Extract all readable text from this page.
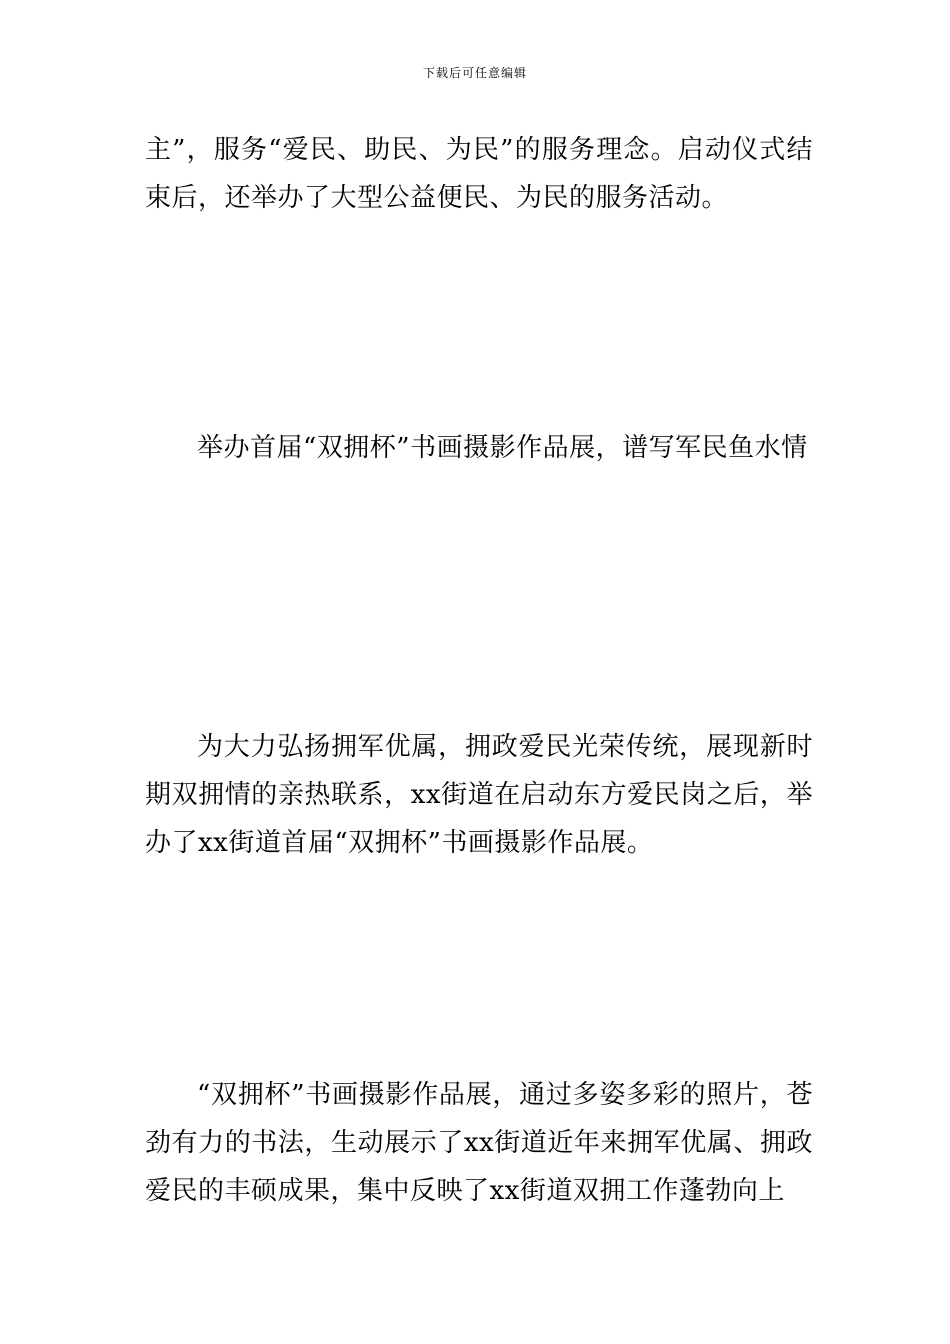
下载后可任意编辑

主”，服务“爱民、助民、为民”的服务理念。启动仪式结束后，还举办了大型公益便民、为民的服务活动。

举办首届“双拥杯”书画摄影作品展，谱写军民鱼水情

为大力弘扬拥军优属，拥政爱民光荣传统，展现新时期双拥情的亲热联系，xx街道在启动东方爱民岗之后，举办了xx街道首届“双拥杯”书画摄影作品展。

“双拥杯”书画摄影作品展，通过多姿多彩的照片，苍劲有力的书法，生动展示了xx街道近年来拥军优属、拥政爱民的丰硕成果，集中反映了xx街道双拥工作蓬勃向上
